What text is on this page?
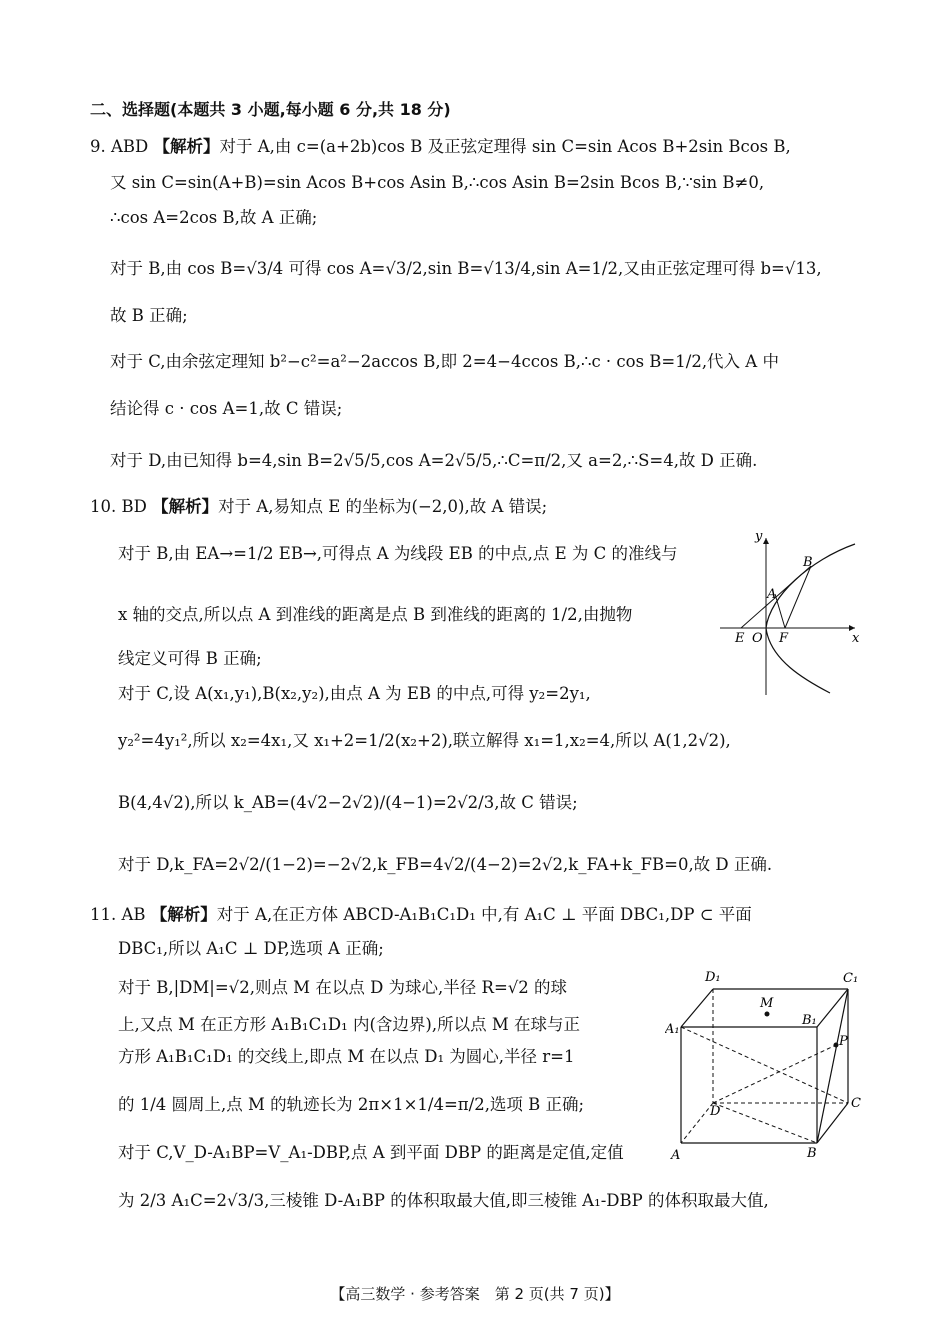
二、选择题(本题共 3 小题,每小题 6 分,共 18 分)
9. ABD 【解析】对于 A,由 c=(a+2b)cos B 及正弦定理得 sin C=sin Acos B+2sin Bcos B,
又 sin C=sin(A+B)=sin Acos B+cos Asin B,∴cos Asin B=2sin Bcos B,∵sin B≠0,
∴cos A=2cos B,故 A 正确;
对于 B,由 cos B=√3/4 可得 cos A=√3/2,sin B=√13/4,sin A=1/2,又由正弦定理可得 b=√13,
故 B 正确;
对于 C,由余弦定理知 b²−c²=a²−2accos B,即 2=4−4ccos B,∴c · cos B=1/2,代入 A 中
结论得 c · cos A=1,故 C 错误;
对于 D,由已知得 b=4,sin B=2√5/5,cos A=2√5/5,∴C=π/2,又 a=2,∴S=4,故 D 正确.
10. BD 【解析】对于 A,易知点 E 的坐标为(−2,0),故 A 错误;
对于 B,由 EA→=1/2 EB→,可得点 A 为线段 EB 的中点,点 E 为 C 的准线与
x 轴的交点,所以点 A 到准线的距离是点 B 到准线的距离的 1/2,由抛物
线定义可得 B 正确;
对于 C,设 A(x₁,y₁),B(x₂,y₂),由点 A 为 EB 的中点,可得 y₂=2y₁,
y₂²=4y₁²,所以 x₂=4x₁,又 x₁+2=1/2(x₂+2),联立解得 x₁=1,x₂=4,所以 A(1,2√2),
B(4,4√2),所以 k_AB=(4√2−2√2)/(4−1)=2√2/3,故 C 错误;
对于 D,k_FA=2√2/(1−2)=−2√2,k_FB=4√2/(4−2)=2√2,k_FA+k_FB=0,故 D 正确.
y
x
E O F
A
B
11. AB 【解析】对于 A,在正方体 ABCD-A₁B₁C₁D₁ 中,有 A₁C ⊥ 平面 DBC₁,DP ⊂ 平面
DBC₁,所以 A₁C ⊥ DP,选项 A 正确;
对于 B,|DM|=√2,则点 M 在以点 D 为球心,半径 R=√2 的球
上,又点 M 在正方形 A₁B₁C₁D₁ 内(含边界),所以点 M 在球与正
方形 A₁B₁C₁D₁ 的交线上,即点 M 在以点 D₁ 为圆心,半径 r=1
的 1/4 圆周上,点 M 的轨迹长为 2π×1×1/4=π/2,选项 B 正确;
对于 C,V_D-A₁BP=V_A₁-DBP,点 A 到平面 DBP 的距离是定值,定值
为 2/3 A₁C=2√3/3,三棱锥 D-A₁BP 的体积取最大值,即三棱锥 A₁-DBP 的体积取最大值,
D₁	C₁
A₁
B₁
M
P
D
C
A	B
【高三数学 · 参考答案　第 2 页(共 7 页)】
